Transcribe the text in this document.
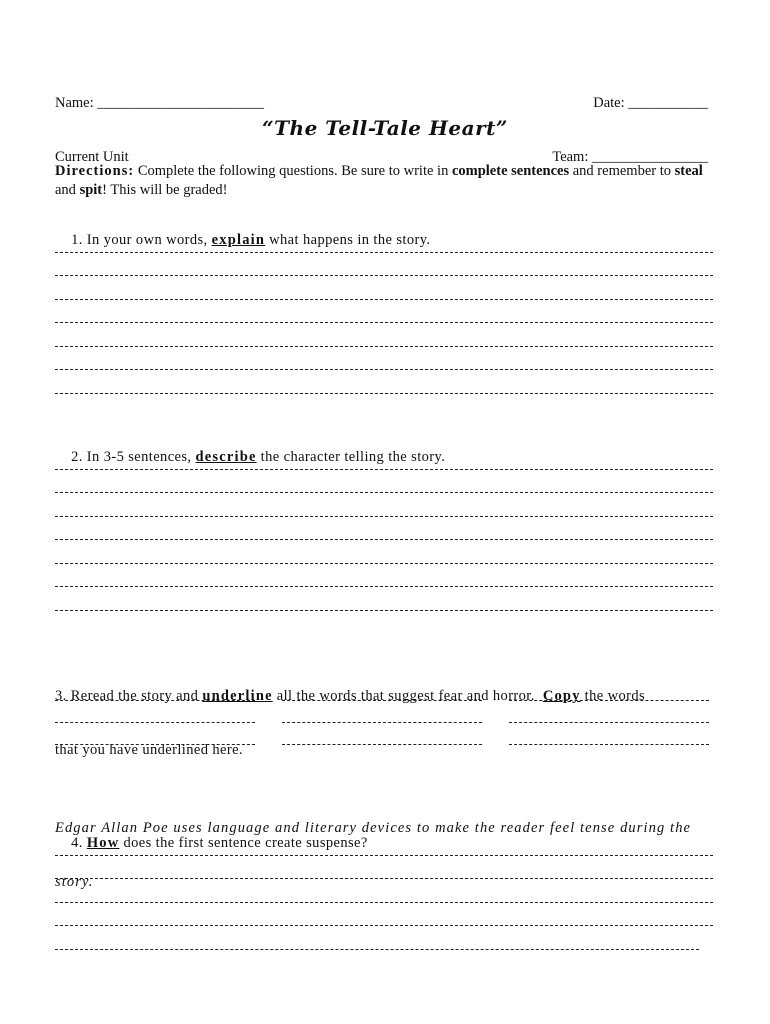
Name: _______________________

Current Unit

Date: ___________

Team: ________________

“The Tell-Tale Heart”
Directions: Complete the following questions. Be sure to write in complete sentences and remember to steal and spit! This will be graded!

1. In your own words, explain what happens in the story.

2. In 3-5 sentences, describe the character telling the story.

3. Reread the story and underline all the words that suggest fear and horror.  Copy the words

that you have underlined here.

Edgar Allan Poe uses language and literary devices to make the reader feel tense during the

story.

4. How does the first sentence create suspense?
